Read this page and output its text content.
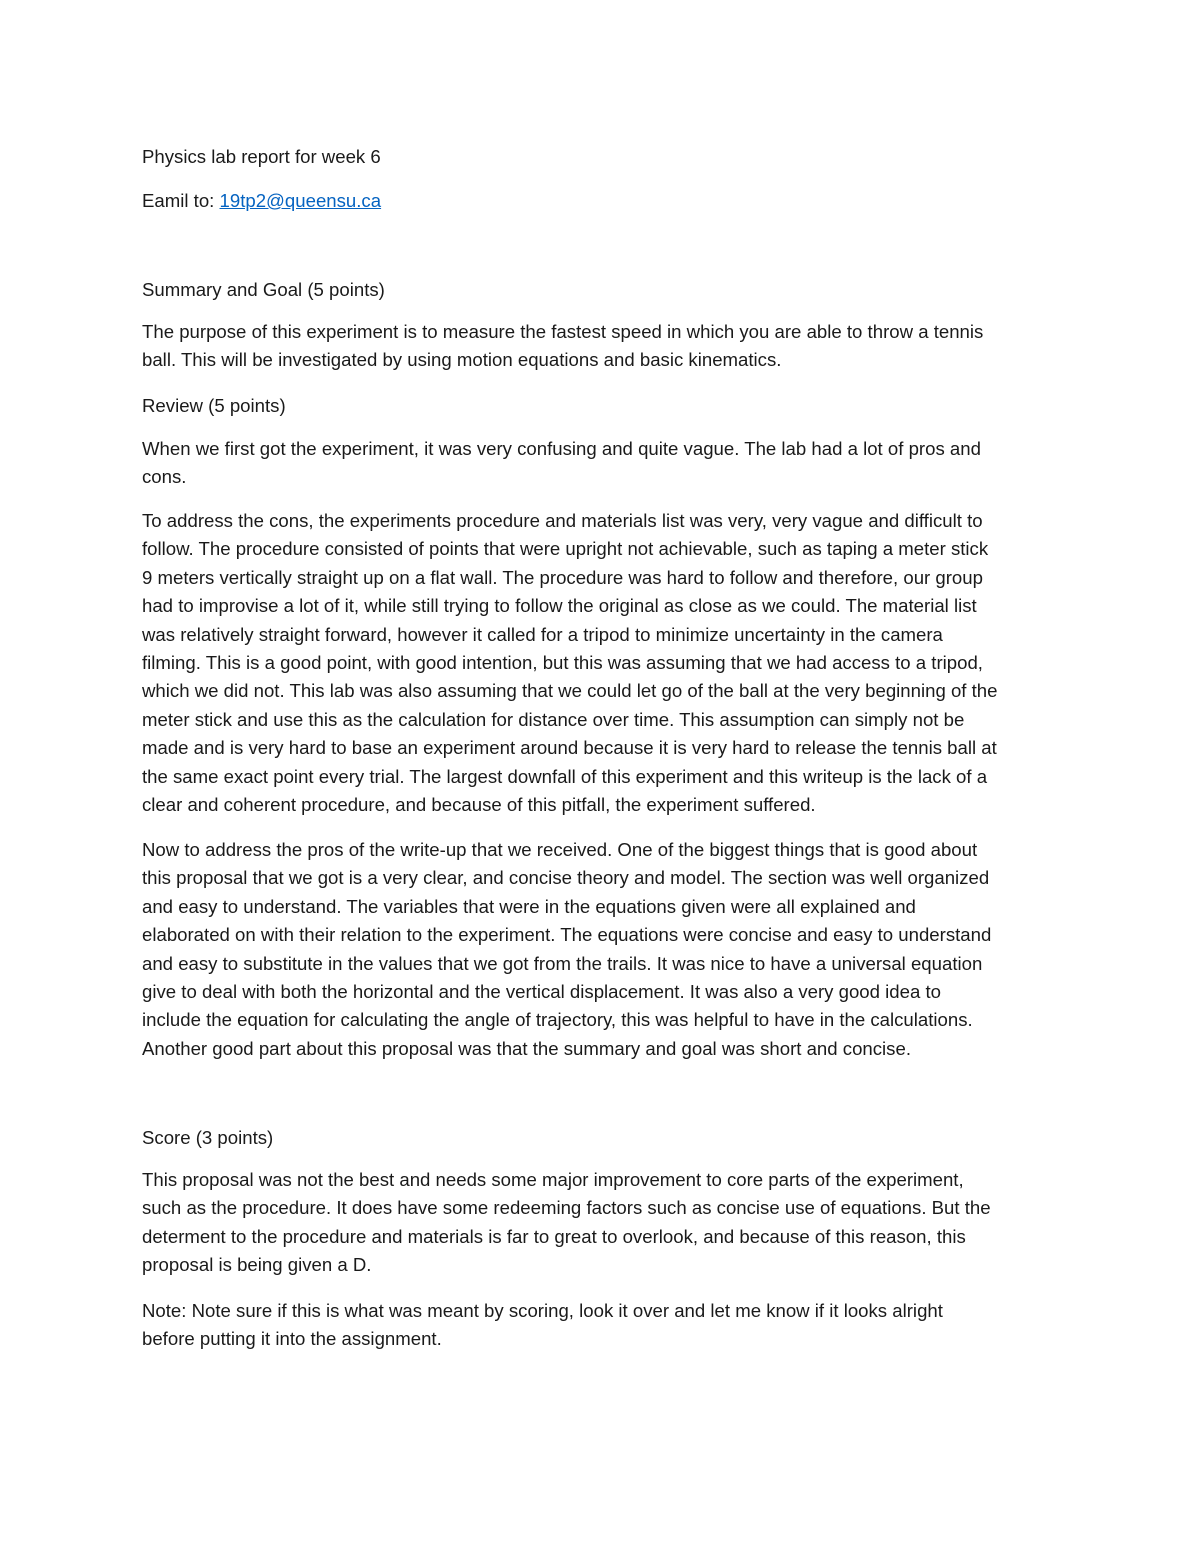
Physics lab report for week 6
Eamil to: 19tp2@queensu.ca
Summary and Goal (5 points)
The purpose of this experiment is to measure the fastest speed in which you are able to throw a tennis
ball. This will be investigated by using motion equations and basic kinematics.
Review (5 points)
When we first got the experiment, it was very confusing and quite vague. The lab had a lot of pros and
cons.
To address the cons, the experiments procedure and materials list was very, very vague and difficult to
follow. The procedure consisted of points that were upright not achievable, such as taping a meter stick
9 meters vertically straight up on a flat wall. The procedure was hard to follow and therefore, our group
had to improvise a lot of it, while still trying to follow the original as close as we could. The material list
was relatively straight forward, however it called for a tripod to minimize uncertainty in the camera
filming. This is a good point, with good intention, but this was assuming that we had access to a tripod,
which we did not. This lab was also assuming that we could let go of the ball at the very beginning of the
meter stick and use this as the calculation for distance over time. This assumption can simply not be
made and is very hard to base an experiment around because it is very hard to release the tennis ball at
the same exact point every trial. The largest downfall of this experiment and this writeup is the lack of a
clear and coherent procedure, and because of this pitfall, the experiment suffered.
Now to address the pros of the write-up that we received. One of the biggest things that is good about
this proposal that we got is a very clear, and concise theory and model. The section was well organized
and easy to understand. The variables that were in the equations given were all explained and
elaborated on with their relation to the experiment. The equations were concise and easy to understand
and easy to substitute in the values that we got from the trails. It was nice to have a universal equation
give to deal with both the horizontal and the vertical displacement. It was also a very good idea to
include the equation for calculating the angle of trajectory, this was helpful to have in the calculations.
Another good part about this proposal was that the summary and goal was short and concise.
Score (3 points)
This proposal was not the best and needs some major improvement to core parts of the experiment,
such as the procedure. It does have some redeeming factors such as concise use of equations. But the
determent to the procedure and materials is far to great to overlook, and because of this reason, this
proposal is being given a D.
Note: Note sure if this is what was meant by scoring, look it over and let me know if it looks alright
before putting it into the assignment.
